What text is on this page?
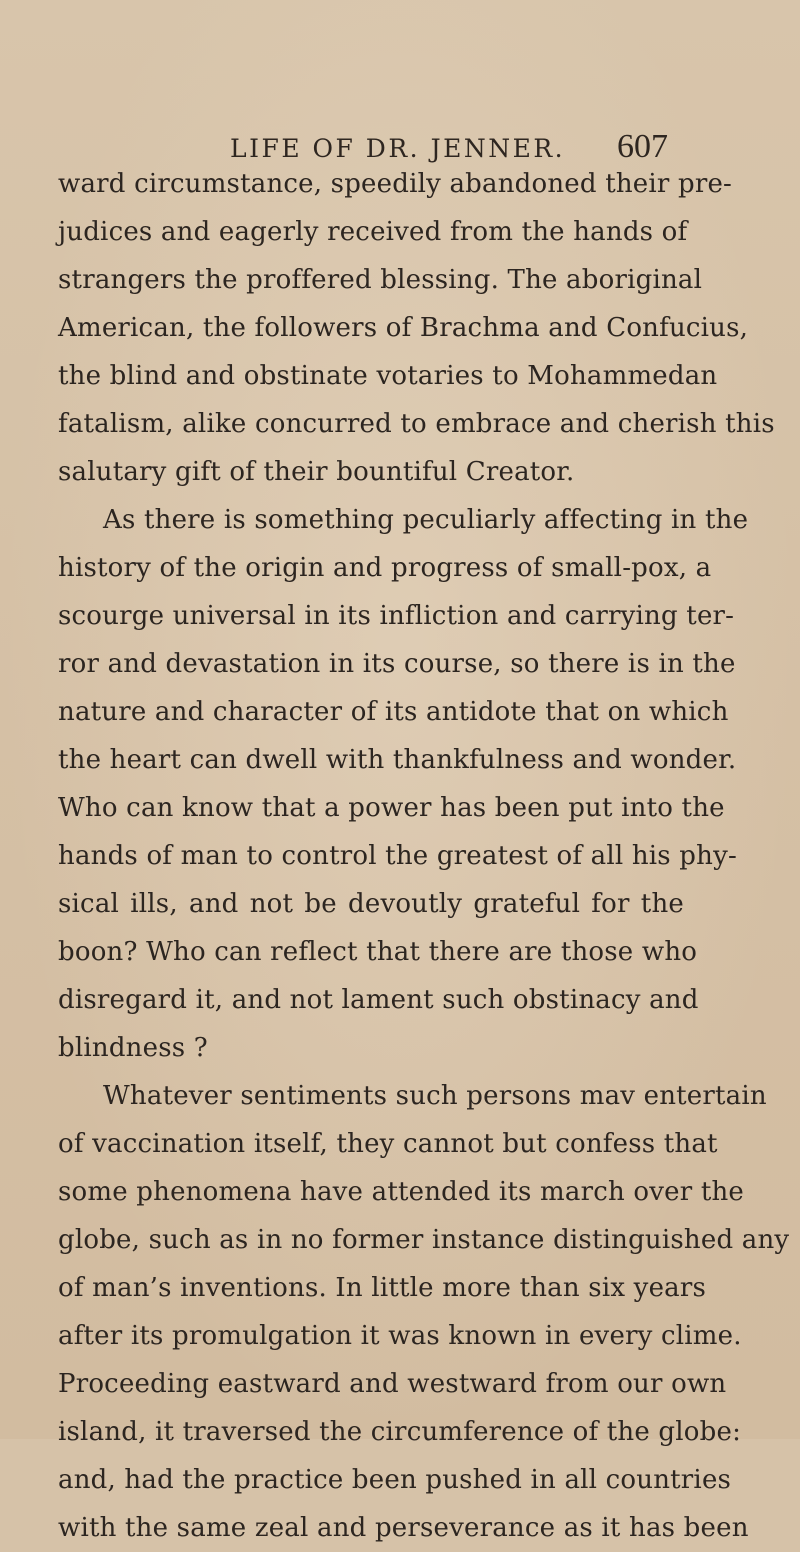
LIFE OF DR. JENNER. 607
ward circumstance, speedily abandoned their pre-
judices and eagerly received from the hands of
strangers the proffered blessing. The aboriginal
American, the followers of Brachma and Confucius,
the blind and obstinate votaries to Mohammedan
fatalism, alike concurred to embrace and cherish this
salutary gift of their bountiful Creator.
As there is something peculiarly affecting in the
history of the origin and progress of small-pox, a
scourge universal in its infliction and carrying ter-
ror and devastation in its course, so there is in the
nature and character of its antidote that on which
the heart can dwell with thankfulness and wonder.
Who can know that a power has been put into the
hands of man to control the greatest of all his phy-
sical ills, and not be devoutly grateful for the
boon? Who can reflect that there are those who
disregard it, and not lament such obstinacy and
blindness ?
Whatever sentiments such persons mav entertain
of vaccination itself, they cannot but confess that
some phenomena have attended its march over the
globe, such as in no former instance distinguished any
of man’s inventions. In little more than six years
after its promulgation it was known in every clime.
Proceeding eastward and westward from our own
island, it traversed the circumference of the globe:
and, had the practice been pushed in all countries
with the same zeal and perseverance as it has been
